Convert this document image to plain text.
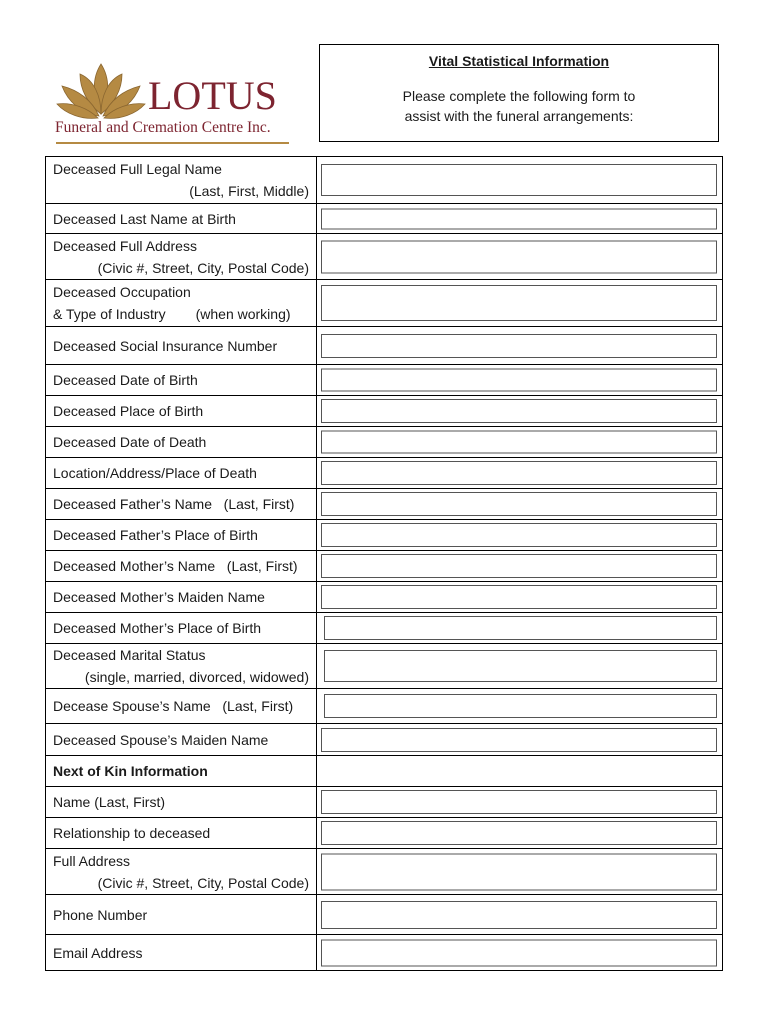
LOTUS
Funeral and Cremation Centre Inc.
Vital Statistical Information
Please complete the following form to
assist with the funeral arrangements:
Deceased Full Legal Name
(Last, First, Middle)	

Deceased Last Name at Birth	

Deceased Full Address
(Civic #, Street, City, Postal Code)	

Deceased Occupation
& Type of Industry (when working)	

Deceased Social Insurance Number	

Deceased Date of Birth	

Deceased Place of Birth	

Deceased Date of Death	

Location/Address/Place of Death	

Deceased Father’s Name   (Last, First)	

Deceased Father’s Place of Birth	

Deceased Mother’s Name   (Last, First)	

Deceased Mother’s Maiden Name	

Deceased Mother’s Place of Birth	

Deceased Marital Status
(single, married, divorced, widowed)	

Decease Spouse’s Name   (Last, First)	

Deceased Spouse’s Maiden Name	

Next of Kin Information	

Name (Last, First)	

Relationship to deceased	

Full Address
(Civic #, Street, City, Postal Code)	

Phone Number	

Email Address	
